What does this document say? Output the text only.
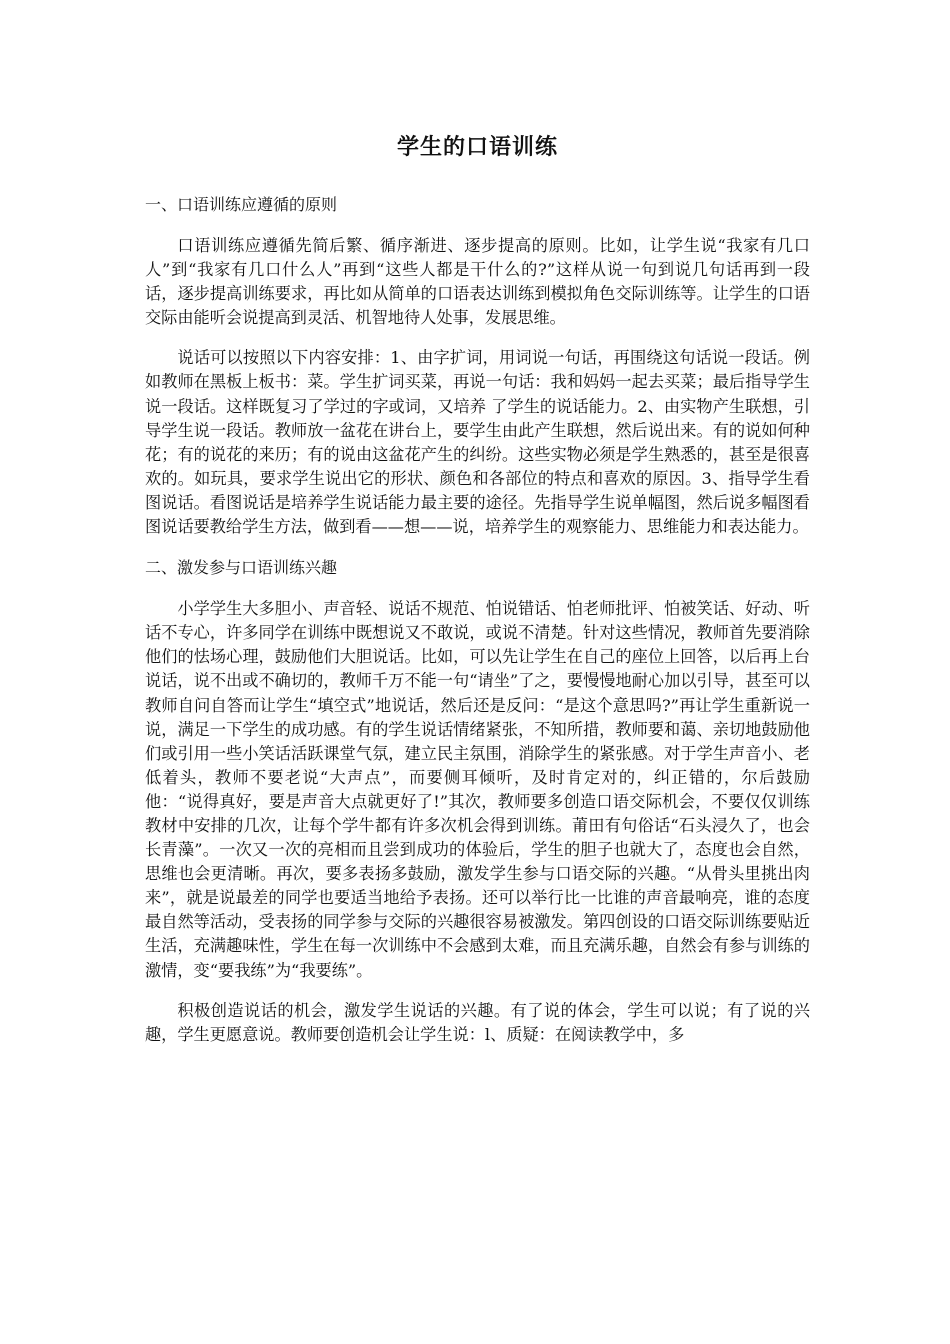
学生的口语训练
一、口语训练应遵循的原则

口语训练应遵循先简后繁、循序渐进、逐步提高的原则。比如，让学生说“我家有几口人”到“我家有几口什么人”再到“这些人都是干什么的?”这样从说一句到说几句话再到一段话，逐步提高训练要求，再比如从简单的口语表达训练到模拟角色交际训练等。让学生的口语交际由能听会说提高到灵活、机智地待人处事，发展思维。

说话可以按照以下内容安排：1、由字扩词，用词说一句话，再围绕这句话说一段话。例如教师在黑板上板书：菜。学生扩词买菜，再说一句话：我和妈妈一起去买菜；最后指导学生说一段话。这样既复习了学过的字或词，又培养 了学生的说话能力。2、由实物产生联想，引导学生说一段话。教师放一盆花在讲台上，要学生由此产生联想，然后说出来。有的说如何种花；有的说花的来历；有的说由这盆花产生的纠纷。这些实物必须是学生熟悉的，甚至是很喜欢的。如玩具，要求学生说出它的形状、颜色和各部位的特点和喜欢的原因。3、指导学生看图说话。看图说话是培养学生说话能力最主要的途径。先指导学生说单幅图，然后说多幅图看图说话要教给学生方法，做到看——想——说，培养学生的观察能力、思维能力和表达能力。

二、激发参与口语训练兴趣

小学学生大多胆小、声音轻、说话不规范、怕说错话、怕老师批评、怕被笑话、好动、听话不专心，许多同学在训练中既想说又不敢说，或说不清楚。针对这些情况，教师首先要消除他们的怯场心理，鼓励他们大胆说话。比如，可以先让学生在自己的座位上回答，以后再上台说话，说不出或不确切的，教师千万不能一句“请坐”了之，要慢慢地耐心加以引导，甚至可以教师自问自答而让学生“填空式”地说话，然后还是反问：“是这个意思吗?”再让学生重新说一说，满足一下学生的成功感。有的学生说话情绪紧张，不知所措，教师要和蔼、亲切地鼓励他们或引用一些小笑话活跃课堂气氛，建立民主氛围，消除学生的紧张感。对于学生声音小、老低着头，教师不要老说“大声点”，而要侧耳倾听，及时肯定对的，纠正错的，尔后鼓励他：“说得真好，要是声音大点就更好了!”其次，教师要多创造口语交际机会，不要仅仅训练教材中安排的几次，让每个学牛都有许多次机会得到训练。莆田有句俗话“石头浸久了，也会长青藻”。一次又一次的亮相而且尝到成功的体验后，学生的胆子也就大了，态度也会自然，思维也会更清晰。再次，要多表扬多鼓励，激发学生参与口语交际的兴趣。“从骨头里挑出肉来”，就是说最差的同学也要适当地给予表扬。还可以举行比一比谁的声音最响亮，谁的态度最自然等活动，受表扬的同学参与交际的兴趣很容易被激发。第四创设的口语交际训练要贴近生活，充满趣味性，学生在每一次训练中不会感到太难，而且充满乐趣，自然会有参与训练的激情，变“要我练”为“我要练”。

积极创造说话的机会，激发学生说话的兴趣。有了说的体会，学生可以说；有了说的兴趣，学生更愿意说。教师要创造机会让学生说：l、质疑：在阅读教学中，多
